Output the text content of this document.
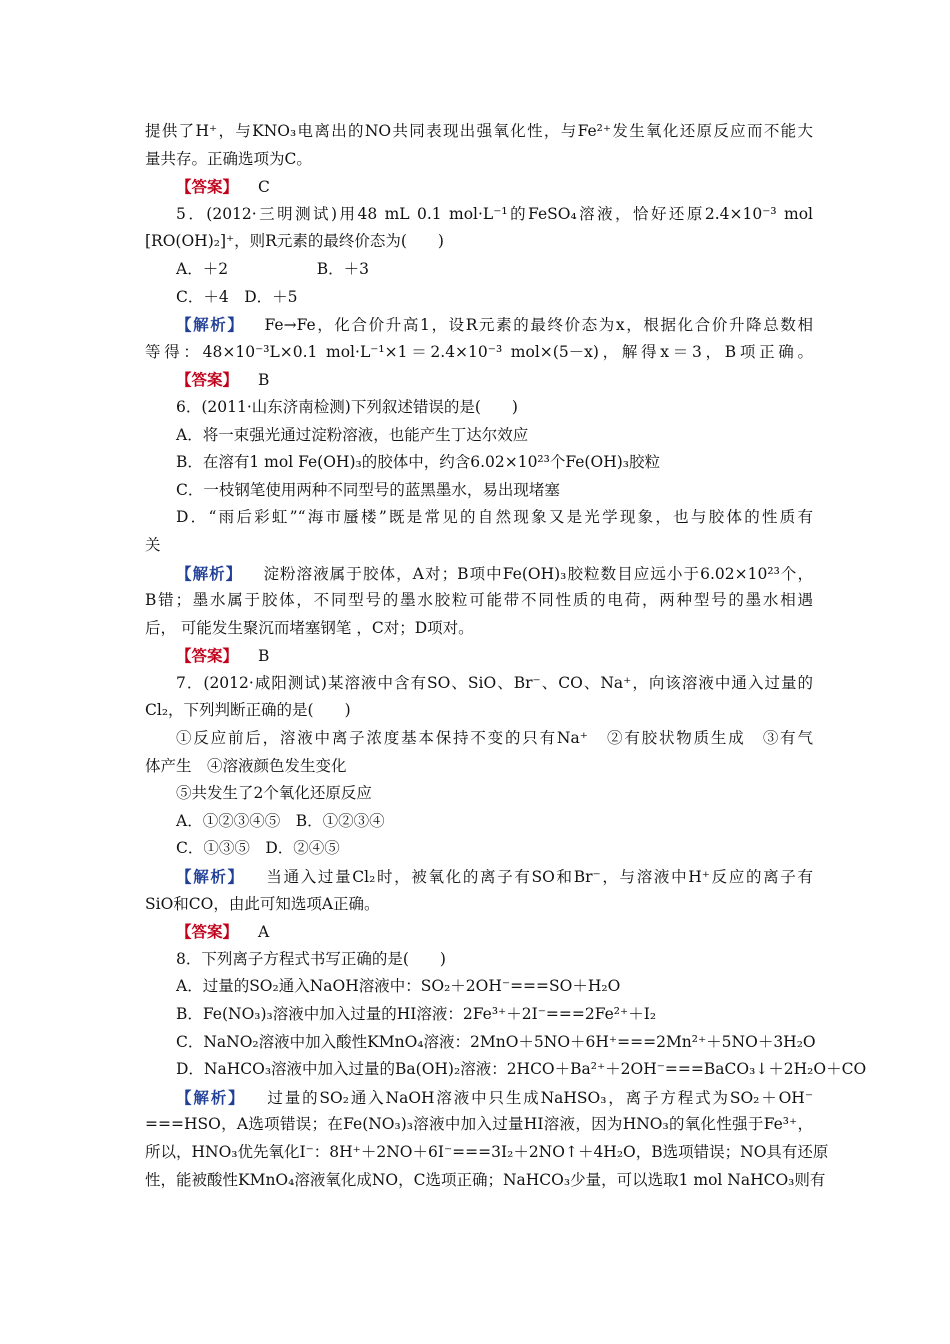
提供了H⁺，与KNO₃电离出的NO共同表现出强氧化性，与Fe²⁺发生氧化还原反应而不能大
量共存。正确选项为C。
【答案】 C
5．(2012·三明测试)用48 mL 0.1 mol·L⁻¹的FeSO₄溶液，恰好还原2.4×10⁻³ mol
[RO(OH)₂]⁺，则R元素的最终价态为(　　)
A．＋2                  B．＋3
C．＋4　D．＋5
【解析】 Fe→Fe，化合价升高1，设R元素的最终价态为x，根据化合价升降总数相
等得：48×10⁻³L×0.1 mol·L⁻¹×1＝2.4×10⁻³ mol×(5－x)，解得x＝3，B项正确。
【答案】 B
6．(2011·山东济南检测)下列叙述错误的是(　　)
A．将一束强光通过淀粉溶液，也能产生丁达尔效应
B．在溶有1 mol Fe(OH)₃的胶体中，约含6.02×10²³个Fe(OH)₃胶粒
C．一枝钢笔使用两种不同型号的蓝黑墨水，易出现堵塞
D．“雨后彩虹”“海市蜃楼”既是常见的自然现象又是光学现象，也与胶体的性质有
关
【解析】 淀粉溶液属于胶体，A对；B项中Fe(OH)₃胶粒数目应远小于6.02×10²³个，
B错；墨水属于胶体，不同型号的墨水胶粒可能带不同性质的电荷，两种型号的墨水相遇
后， 可能发生聚沉而堵塞钢笔 ，C对；D项对。
【答案】 B
7．(2012·咸阳测试)某溶液中含有SO、SiO、Br⁻、CO、Na⁺，向该溶液中通入过量的
Cl₂，下列判断正确的是(　　)
①反应前后，溶液中离子浓度基本保持不变的只有Na⁺　②有胶状物质生成　③有气
体产生　④溶液颜色发生变化
⑤共发生了2个氧化还原反应
A．①②③④⑤　B．①②③④
C．①③⑤　D．②④⑤
【解析】 当通入过量Cl₂时，被氧化的离子有SO和Br⁻，与溶液中H⁺反应的离子有
SiO和CO，由此可知选项A正确。
【答案】 A
8．下列离子方程式书写正确的是(　　)
A．过量的SO₂通入NaOH溶液中：SO₂＋2OH⁻===SO＋H₂O
B．Fe(NO₃)₃溶液中加入过量的HI溶液：2Fe³⁺＋2I⁻===2Fe²⁺＋I₂
C．NaNO₂溶液中加入酸性KMnO₄溶液：2MnO＋5NO＋6H⁺===2Mn²⁺＋5NO＋3H₂O
D．NaHCO₃溶液中加入过量的Ba(OH)₂溶液：2HCO＋Ba²⁺＋2OH⁻===BaCO₃↓＋2H₂O＋CO
【解析】 过量的SO₂通入NaOH溶液中只生成NaHSO₃，离子方程式为SO₂＋OH⁻
===HSO，A选项错误；在Fe(NO₃)₃溶液中加入过量HI溶液，因为HNO₃的氧化性强于Fe³⁺，
所以，HNO₃优先氧化I⁻：8H⁺＋2NO＋6I⁻===3I₂＋2NO↑＋4H₂O，B选项错误；NO具有还原
性，能被酸性KMnO₄溶液氧化成NO，C选项正确；NaHCO₃少量，可以选取1 mol NaHCO₃则有
